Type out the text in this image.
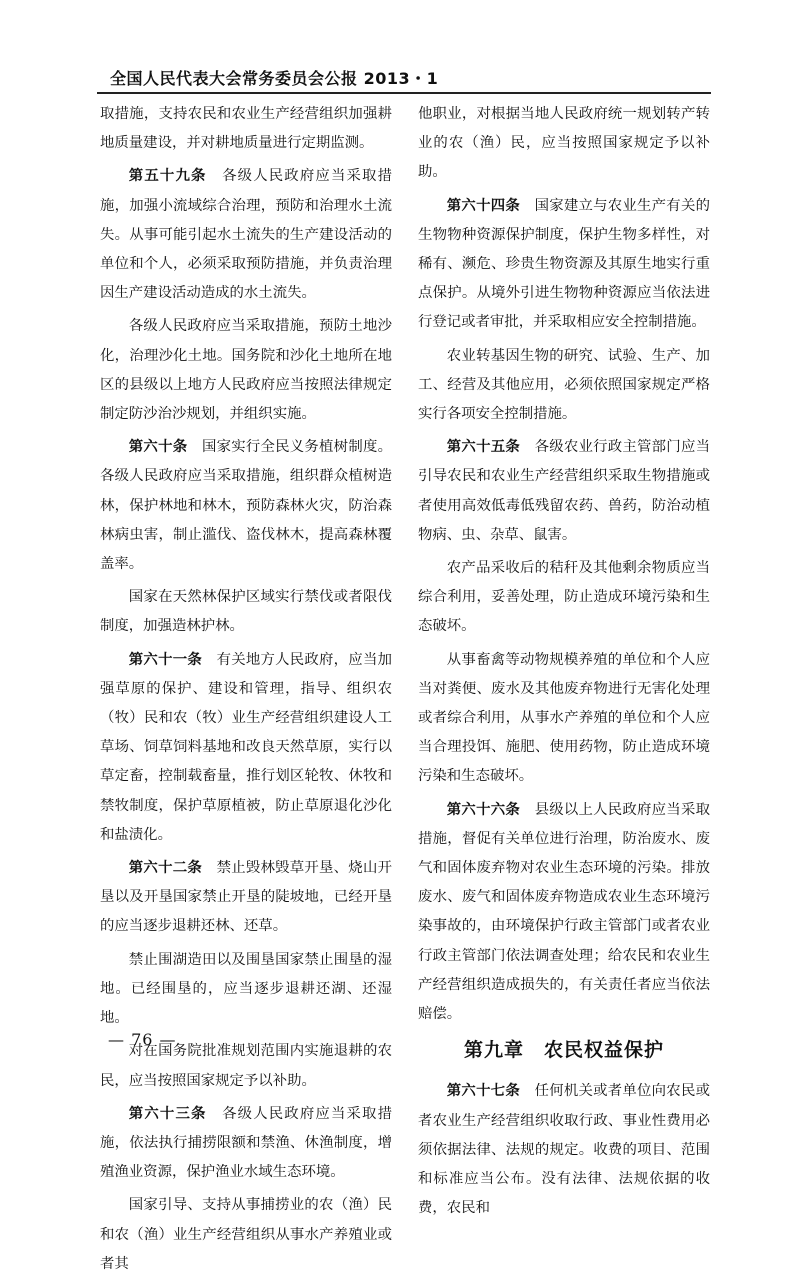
全国人民代表大会常务委员会公报 2013・1

取措施，支持农民和农业生产经营组织加强耕地质量建设，并对耕地质量进行定期监测。

第五十九条　各级人民政府应当采取措施，加强小流域综合治理，预防和治理水土流失。从事可能引起水土流失的生产建设活动的单位和个人，必须采取预防措施，并负责治理因生产建设活动造成的水土流失。

各级人民政府应当采取措施，预防土地沙化，治理沙化土地。国务院和沙化土地所在地区的县级以上地方人民政府应当按照法律规定制定防沙治沙规划，并组织实施。

第六十条　国家实行全民义务植树制度。各级人民政府应当采取措施，组织群众植树造林，保护林地和林木，预防森林火灾，防治森林病虫害，制止滥伐、盗伐林木，提高森林覆盖率。

国家在天然林保护区域实行禁伐或者限伐制度，加强造林护林。

第六十一条　有关地方人民政府，应当加强草原的保护、建设和管理，指导、组织农（牧）民和农（牧）业生产经营组织建设人工草场、饲草饲料基地和改良天然草原，实行以草定畜，控制载畜量，推行划区轮牧、休牧和禁牧制度，保护草原植被，防止草原退化沙化和盐渍化。

第六十二条　禁止毁林毁草开垦、烧山开垦以及开垦国家禁止开垦的陡坡地，已经开垦的应当逐步退耕还林、还草。

禁止围湖造田以及围垦国家禁止围垦的湿地。已经围垦的，应当逐步退耕还湖、还湿地。

对在国务院批准规划范围内实施退耕的农民，应当按照国家规定予以补助。

第六十三条　各级人民政府应当采取措施，依法执行捕捞限额和禁渔、休渔制度，增殖渔业资源，保护渔业水域生态环境。

国家引导、支持从事捕捞业的农（渔）民和农（渔）业生产经营组织从事水产养殖业或者其

他职业，对根据当地人民政府统一规划转产转业的农（渔）民，应当按照国家规定予以补助。

第六十四条　国家建立与农业生产有关的生物物种资源保护制度，保护生物多样性，对稀有、濒危、珍贵生物资源及其原生地实行重点保护。从境外引进生物物种资源应当依法进行登记或者审批，并采取相应安全控制措施。

农业转基因生物的研究、试验、生产、加工、经营及其他应用，必须依照国家规定严格实行各项安全控制措施。

第六十五条　各级农业行政主管部门应当引导农民和农业生产经营组织采取生物措施或者使用高效低毒低残留农药、兽药，防治动植物病、虫、杂草、鼠害。

农产品采收后的秸秆及其他剩余物质应当综合利用，妥善处理，防止造成环境污染和生态破坏。

从事畜禽等动物规模养殖的单位和个人应当对粪便、废水及其他废弃物进行无害化处理或者综合利用，从事水产养殖的单位和个人应当合理投饵、施肥、使用药物，防止造成环境污染和生态破坏。

第六十六条　县级以上人民政府应当采取措施，督促有关单位进行治理，防治废水、废气和固体废弃物对农业生态环境的污染。排放废水、废气和固体废弃物造成农业生态环境污染事故的，由环境保护行政主管部门或者农业行政主管部门依法调查处理；给农民和农业生产经营组织造成损失的，有关责任者应当依法赔偿。

第九章　农民权益保护

第六十七条　任何机关或者单位向农民或者农业生产经营组织收取行政、事业性费用必须依据法律、法规的规定。收费的项目、范围和标准应当公布。没有法律、法规依据的收费，农民和

— 76 —
